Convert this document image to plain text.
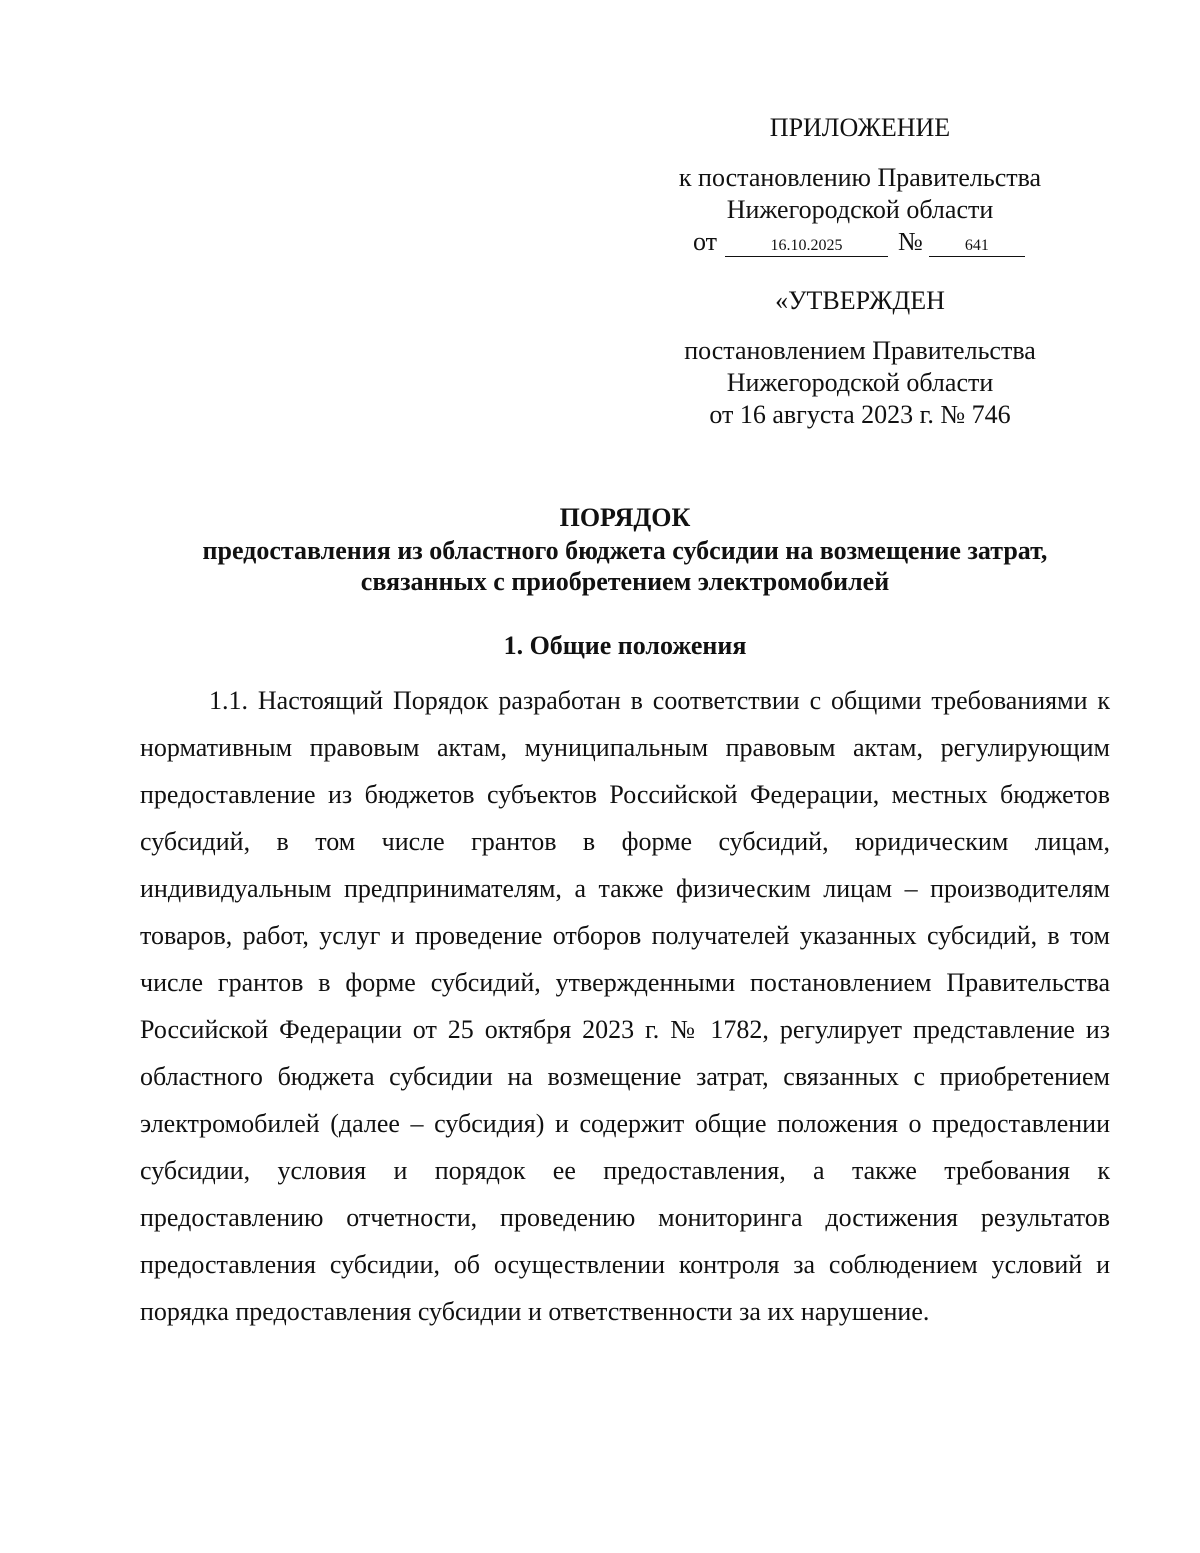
ПРИЛОЖЕНИЕ
к постановлению Правительства
Нижегородской области
от	16.10.2025 №	641
«УТВЕРЖДЕН
постановлением Правительства
Нижегородской области
от 16 августа 2023 г. № 746
ПОРЯДОК
предоставления из областного бюджета субсидии на возмещение затрат,
связанных с приобретением электромобилей
1. Общие положения

1.1. Настоящий Порядок разработан в соответствии с общими требованиями к нормативным правовым актам, муниципальным правовым актам, регулирующим предоставление из бюджетов субъектов Российской Федерации, местных бюджетов субсидий, в том числе грантов в форме субсидий, юридическим лицам, индивидуальным предпринимателям, а также физическим лицам – производителям товаров, работ, услуг и проведение отборов получателей указанных субсидий, в том числе грантов в форме субсидий, утвержденными постановлением Правительства Российской Федерации от 25 октября 2023 г. № 1782, регулирует представление из областного бюджета субсидии на возмещение затрат, связанных с приобретением электромобилей (далее – субсидия) и содержит общие положения о предоставлении субсидии, условия и порядок ее предоставления, а также требования к предоставлению отчетности, проведению мониторинга достижения результатов предоставления субсидии, об осуществлении контроля за соблюдением условий и порядка предоставления субсидии и ответственности за их нарушение.
